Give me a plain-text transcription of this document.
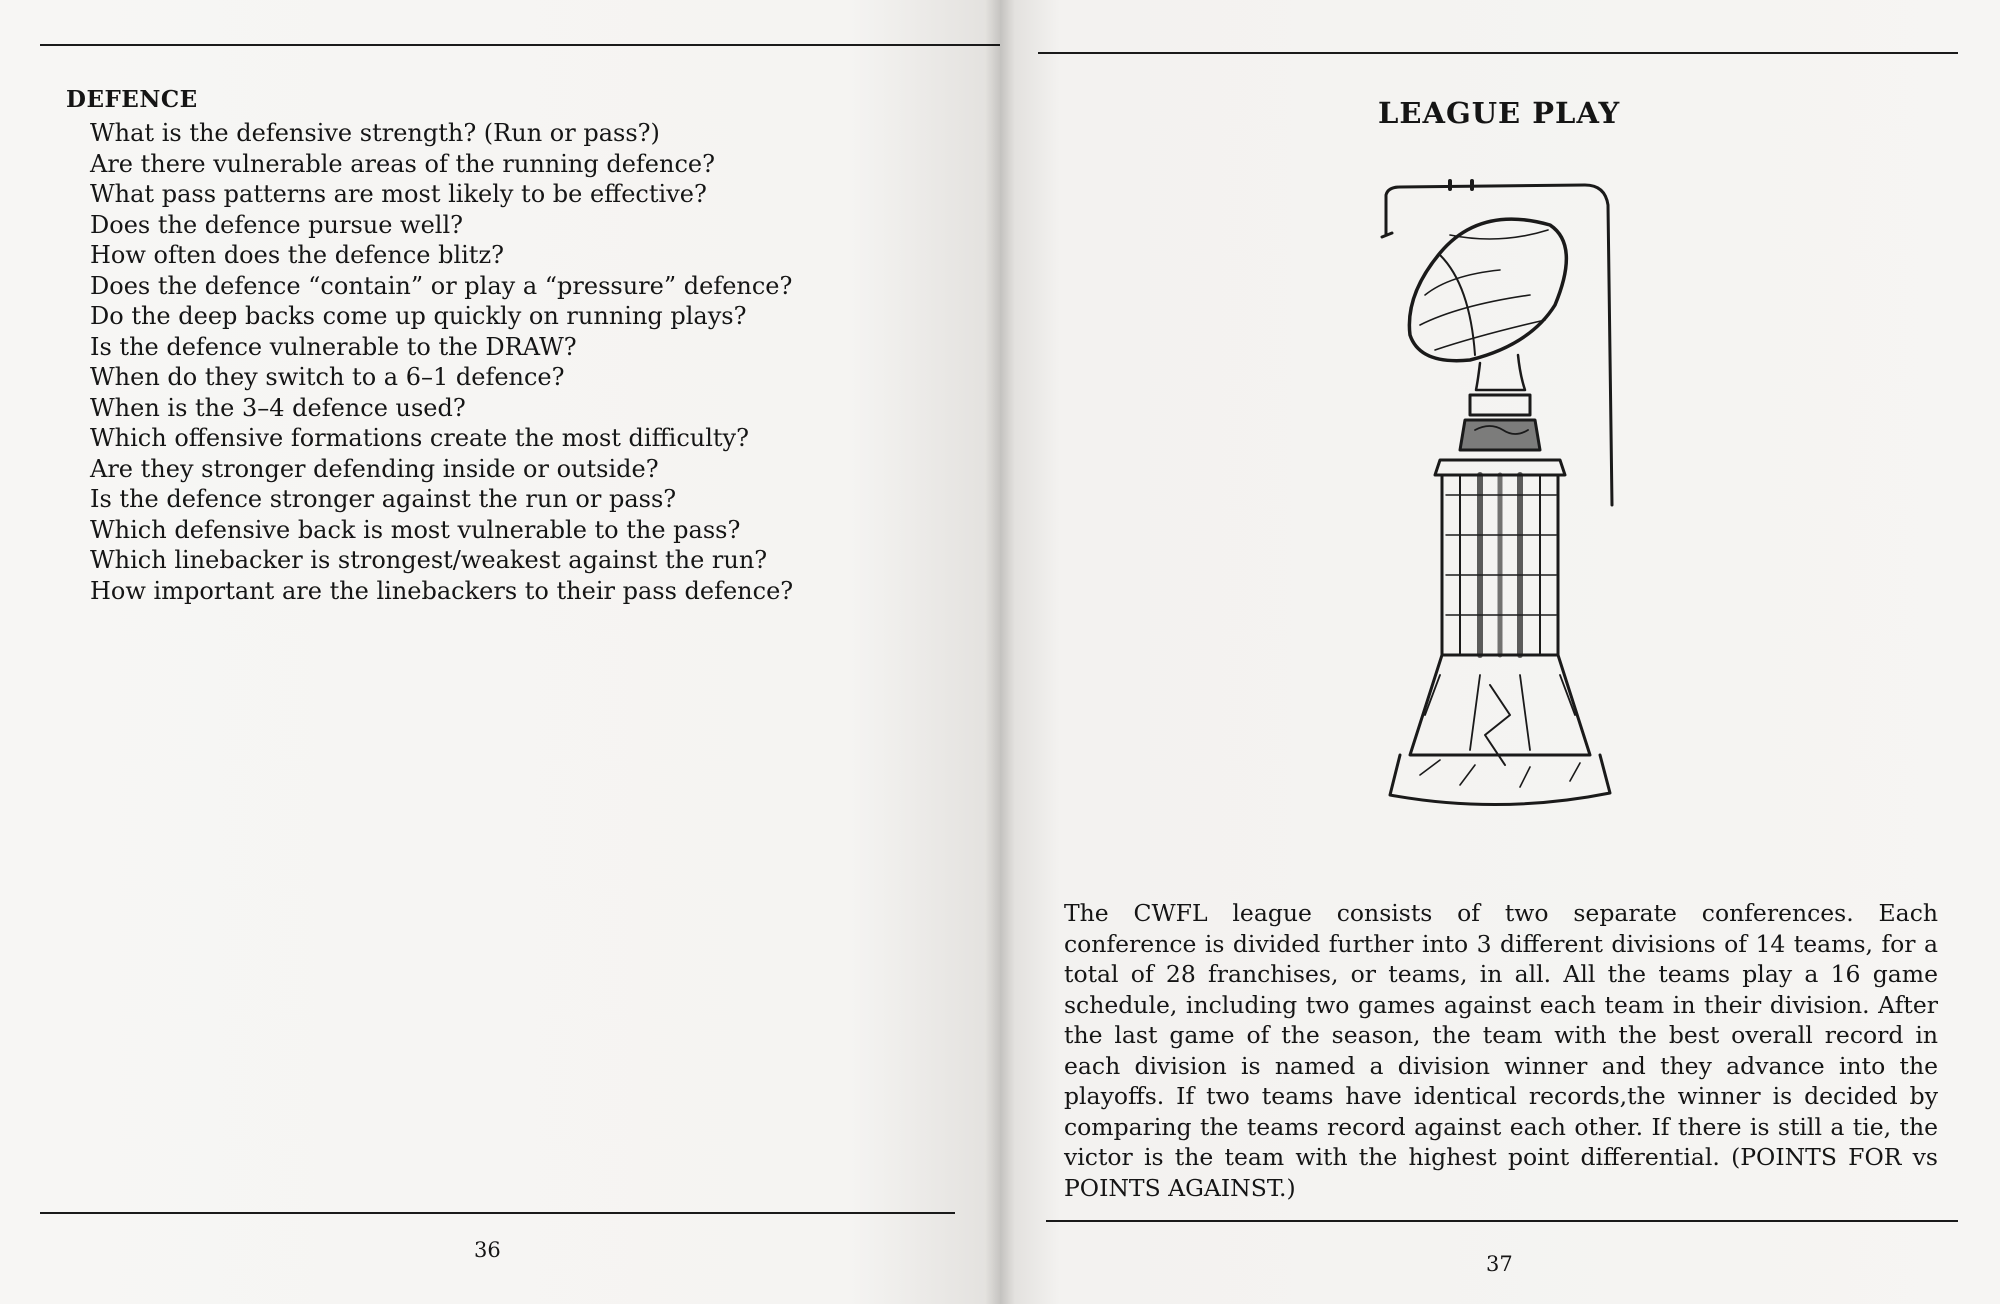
DEFENCE
What is the defensive strength? (Run or pass?)
Are there vulnerable areas of the running defence?
What pass patterns are most likely to be effective?
Does the defence pursue well?
How often does the defence blitz?
Does the defence “contain” or play a “pressure” defence?
Do the deep backs come up quickly on running plays?
Is the defence vulnerable to the DRAW?
When do they switch to a 6–1 defence?
When is the 3–4 defence used?
Which offensive formations create the most difficulty?
Are they stronger defending inside or outside?
Is the defence stronger against the run or pass?
Which defensive back is most vulnerable to the pass?
Which linebacker is strongest/weakest against the run?
How important are the linebackers to their pass defence?
36
LEAGUE PLAY

The CWFL league consists of two separate conferences. Each conference is divided further into 3 different divisions of 14 teams, for a total of 28 franchises, or teams, in all. All the teams play a 16 game schedule, including two games against each team in their division. After the last game of the season, the team with the best overall record in each division is named a division winner and they advance into the playoffs. If two teams have identical records,the winner is decided by comparing the teams record against each other. If there is still a tie, the victor is the team with the highest point differential. (POINTS FOR vs POINTS AGAINST.)

37
